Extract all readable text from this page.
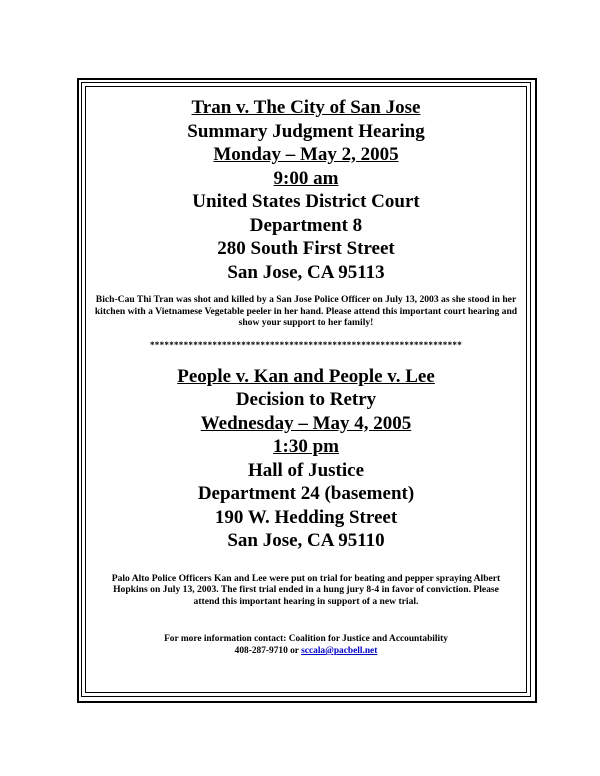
Tran v. The City of San Jose

Summary Judgment Hearing

Monday – May 2, 2005

9:00 am

United States District Court

Department 8

280 South First Street

San Jose, CA 95113

Bich-Cau Thi Tran was shot and killed by a San Jose Police Officer on July 13, 2003 as she stood in her kitchen with a Vietnamese Vegetable peeler in her hand. Please attend this important court hearing and show your support to her family!

*****************************************************************

People v. Kan and People v. Lee

Decision to Retry

Wednesday – May 4, 2005

1:30 pm

Hall of Justice

Department 24 (basement)

190 W. Hedding Street

San Jose, CA 95110

Palo Alto Police Officers Kan and Lee were put on trial for beating and pepper spraying Albert Hopkins on July 13, 2003. The first trial ended in a hung jury 8-4 in favor of conviction. Please attend this important hearing in support of a new trial.

For more information contact: Coalition for Justice and Accountability
408-287-9710 or sccala@pacbell.net
